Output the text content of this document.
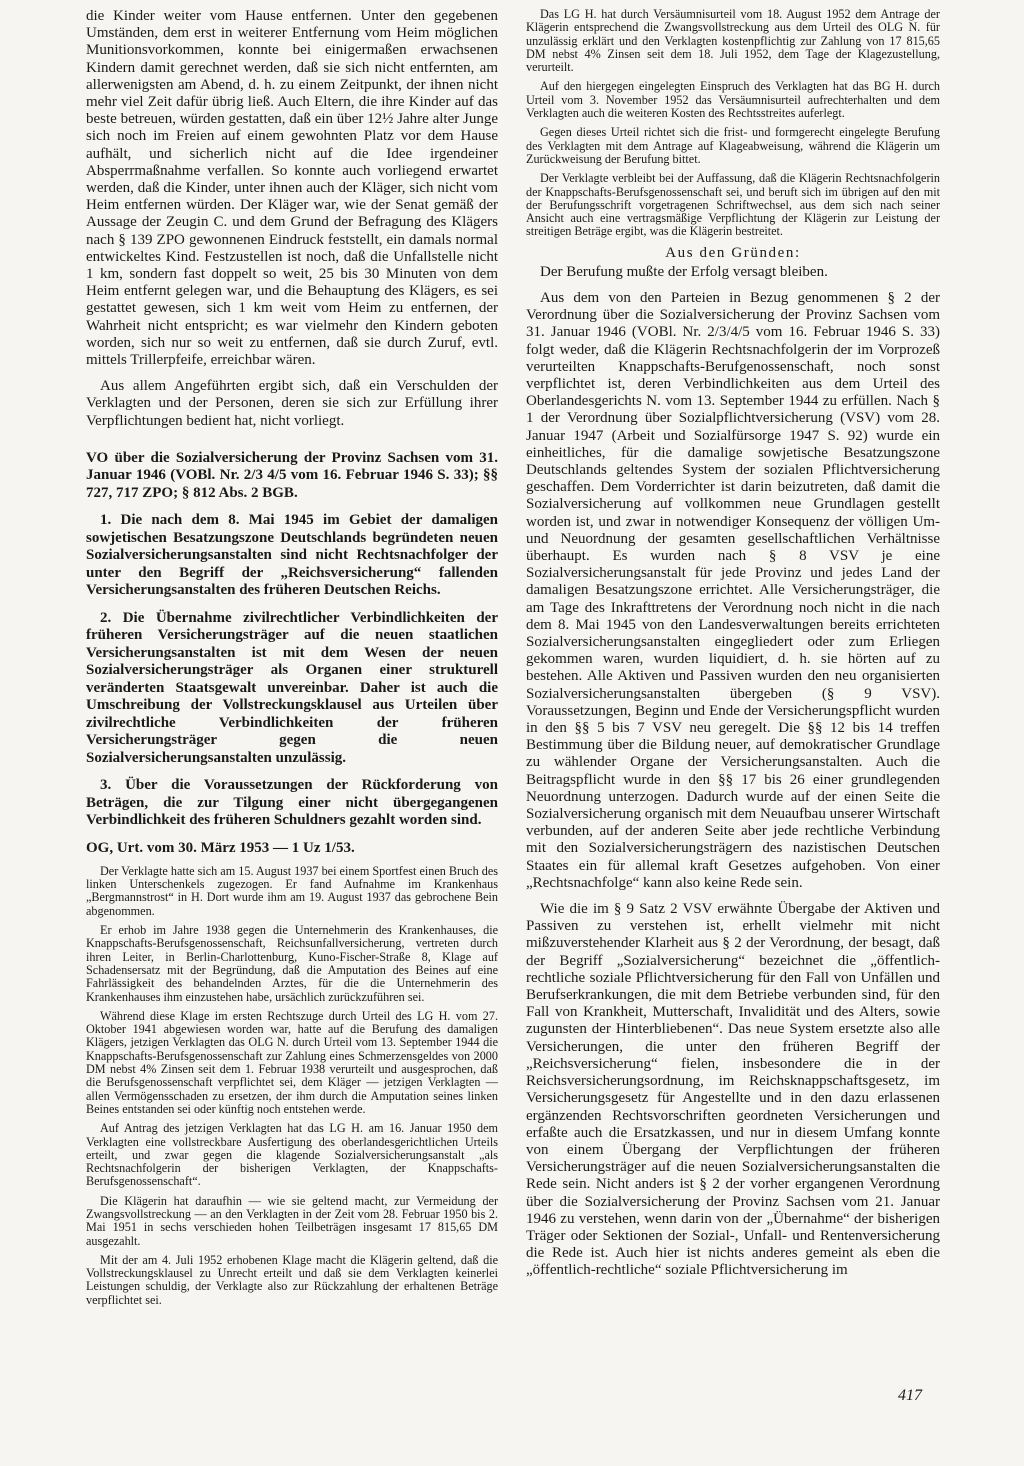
die Kinder weiter vom Hause entfernen. Unter den gegebenen Umständen, dem erst in weiterer Entfernung vom Heim möglichen Munitionsvorkommen, konnte bei einigermaßen erwachsenen Kindern damit gerechnet werden, daß sie sich nicht entfernten, am allerwenigsten am Abend, d. h. zu einem Zeitpunkt, der ihnen nicht mehr viel Zeit dafür übrig ließ. Auch Eltern, die ihre Kinder auf das beste betreuen, würden gestatten, daß ein über 12½ Jahre alter Junge sich noch im Freien auf einem gewohnten Platz vor dem Hause aufhält, und sicherlich nicht auf die Idee irgendeiner Absperrmaßnahme verfallen. So konnte auch vorliegend erwartet werden, daß die Kinder, unter ihnen auch der Kläger, sich nicht vom Heim entfernen würden. Der Kläger war, wie der Senat gemäß der Aussage der Zeugin C. und dem Grund der Befragung des Klägers nach § 139 ZPO gewonnenen Eindruck feststellt, ein damals normal entwickeltes Kind. Festzustellen ist noch, daß die Unfallstelle nicht 1 km, sondern fast doppelt so weit, 25 bis 30 Minuten von dem Heim entfernt gelegen war, und die Behauptung des Klägers, es sei gestattet gewesen, sich 1 km weit vom Heim zu entfernen, der Wahrheit nicht entspricht; es war vielmehr den Kindern geboten worden, sich nur so weit zu entfernen, daß sie durch Zuruf, evtl. mittels Trillerpfeife, erreichbar wären.

Aus allem Angeführten ergibt sich, daß ein Verschulden der Verklagten und der Personen, deren sie sich zur Erfüllung ihrer Verpflichtungen bedient hat, nicht vorliegt.

VO über die Sozialversicherung der Provinz Sachsen vom 31. Januar 1946 (VOBl. Nr. 2/3 4/5 vom 16. Februar 1946 S. 33); §§ 727, 717 ZPO; § 812 Abs. 2 BGB.

1. Die nach dem 8. Mai 1945 im Gebiet der damaligen sowjetischen Besatzungszone Deutschlands begründeten neuen Sozialversicherungsanstalten sind nicht Rechtsnachfolger der unter den Begriff der „Reichsversicherung“ fallenden Versicherungsanstalten des früheren Deutschen Reichs.

2. Die Übernahme zivilrechtlicher Verbindlichkeiten der früheren Versicherungsträger auf die neuen staatlichen Versicherungsanstalten ist mit dem Wesen der neuen Sozialversicherungsträger als Organen einer strukturell veränderten Staatsgewalt unvereinbar. Daher ist auch die Umschreibung der Vollstreckungsklausel aus Urteilen über zivilrechtliche Verbindlichkeiten der früheren Versicherungsträger gegen die neuen Sozialversicherungsanstalten unzulässig.

3. Über die Voraussetzungen der Rückforderung von Beträgen, die zur Tilgung einer nicht übergegangenen Verbindlichkeit des früheren Schuldners gezahlt worden sind.

OG, Urt. vom 30. März 1953 — 1 Uz 1/53.

Der Verklagte hatte sich am 15. August 1937 bei einem Sportfest einen Bruch des linken Unterschenkels zugezogen. Er fand Aufnahme im Krankenhaus „Bergmannstrost“ in H. Dort wurde ihm am 19. August 1937 das gebrochene Bein abgenommen.

Er erhob im Jahre 1938 gegen die Unternehmerin des Krankenhauses, die Knappschafts-Berufsgenossenschaft, Reichsunfallversicherung, vertreten durch ihren Leiter, in Berlin-Charlottenburg, Kuno-Fischer-Straße 8, Klage auf Schadensersatz mit der Begründung, daß die Amputation des Beines auf eine Fahrlässigkeit des behandelnden Arztes, für die die Unternehmerin des Krankenhauses ihm einzustehen habe, ursächlich zurückzuführen sei.

Während diese Klage im ersten Rechtszuge durch Urteil des LG H. vom 27. Oktober 1941 abgewiesen worden war, hatte auf die Berufung des damaligen Klägers, jetzigen Verklagten das OLG N. durch Urteil vom 13. September 1944 die Knappschafts-Berufsgenossenschaft zur Zahlung eines Schmerzensgeldes von 2000 DM nebst 4% Zinsen seit dem 1. Februar 1938 verurteilt und ausgesprochen, daß die Berufsgenossenschaft verpflichtet sei, dem Kläger — jetzigen Verklagten — allen Vermögensschaden zu ersetzen, der ihm durch die Amputation seines linken Beines entstanden sei oder künftig noch entstehen werde.

Auf Antrag des jetzigen Verklagten hat das LG H. am 16. Januar 1950 dem Verklagten eine vollstreckbare Ausfertigung des oberlandesgerichtlichen Urteils erteilt, und zwar gegen die klagende Sozialversicherungsanstalt „als Rechtsnachfolgerin der bisherigen Verklagten, der Knappschafts-Berufsgenossenschaft“.

Die Klägerin hat daraufhin — wie sie geltend macht, zur Vermeidung der Zwangsvollstreckung — an den Verklagten in der Zeit vom 28. Februar 1950 bis 2. Mai 1951 in sechs verschieden hohen Teilbeträgen insgesamt 17 815,65 DM ausgezahlt.

Mit der am 4. Juli 1952 erhobenen Klage macht die Klägerin geltend, daß die Vollstreckungsklausel zu Unrecht erteilt und daß sie dem Verklagten keinerlei Leistungen schuldig, der Verklagte also zur Rückzahlung der erhaltenen Beträge verpflichtet sei.

Das LG H. hat durch Versäumnisurteil vom 18. August 1952 dem Antrage der Klägerin entsprechend die Zwangsvollstreckung aus dem Urteil des OLG N. für unzulässig erklärt und den Verklagten kostenpflichtig zur Zahlung von 17 815,65 DM nebst 4% Zinsen seit dem 18. Juli 1952, dem Tage der Klagezustellung, verurteilt.

Auf den hiergegen eingelegten Einspruch des Verklagten hat das BG H. durch Urteil vom 3. November 1952 das Versäumnisurteil aufrechterhalten und dem Verklagten auch die weiteren Kosten des Rechtsstreites auferlegt.

Gegen dieses Urteil richtet sich die frist- und formgerecht eingelegte Berufung des Verklagten mit dem Antrage auf Klageabweisung, während die Klägerin um Zurückweisung der Berufung bittet.

Der Verklagte verbleibt bei der Auffassung, daß die Klägerin Rechtsnachfolgerin der Knappschafts-Berufsgenossenschaft sei, und beruft sich im übrigen auf den mit der Berufungsschrift vorgetragenen Schriftwechsel, aus dem sich nach seiner Ansicht auch eine vertragsmäßige Verpflichtung der Klägerin zur Leistung der streitigen Beträge ergibt, was die Klägerin bestreitet.

Aus den Gründen:

Der Berufung mußte der Erfolg versagt bleiben.

Aus dem von den Parteien in Bezug genommenen § 2 der Verordnung über die Sozialversicherung der Provinz Sachsen vom 31. Januar 1946 (VOBl. Nr. 2/3/4/5 vom 16. Februar 1946 S. 33) folgt weder, daß die Klägerin Rechtsnachfolgerin der im Vorprozeß verurteilten Knappschafts-Berufgenossenschaft, noch sonst verpflichtet ist, deren Verbindlichkeiten aus dem Urteil des Oberlandesgerichts N. vom 13. September 1944 zu erfüllen. Nach § 1 der Verordnung über Sozialpflichtversicherung (VSV) vom 28. Januar 1947 (Arbeit und Sozialfürsorge 1947 S. 92) wurde ein einheitliches, für die damalige sowjetische Besatzungszone Deutschlands geltendes System der sozialen Pflichtversicherung geschaffen. Dem Vorderrichter ist darin beizutreten, daß damit die Sozialversicherung auf vollkommen neue Grundlagen gestellt worden ist, und zwar in notwendiger Konsequenz der völligen Um- und Neuordnung der gesamten gesellschaftlichen Verhältnisse überhaupt. Es wurden nach § 8 VSV je eine Sozialversicherungsanstalt für jede Provinz und jedes Land der damaligen Besatzungszone errichtet. Alle Versicherungsträger, die am Tage des Inkrafttretens der Verordnung noch nicht in die nach dem 8. Mai 1945 von den Landesverwaltungen bereits errichteten Sozialversicherungsanstalten eingegliedert oder zum Erliegen gekommen waren, wurden liquidiert, d. h. sie hörten auf zu bestehen. Alle Aktiven und Passiven wurden den neu organisierten Sozialversicherungsanstalten übergeben (§ 9 VSV). Voraussetzungen, Beginn und Ende der Versicherungspflicht wurden in den §§ 5 bis 7 VSV neu geregelt. Die §§ 12 bis 14 treffen Bestimmung über die Bildung neuer, auf demokratischer Grundlage zu wählender Organe der Versicherungsanstalten. Auch die Beitragspflicht wurde in den §§ 17 bis 26 einer grundlegenden Neuordnung unterzogen. Dadurch wurde auf der einen Seite die Sozialversicherung organisch mit dem Neuaufbau unserer Wirtschaft verbunden, auf der anderen Seite aber jede rechtliche Verbindung mit den Sozialversicherungsträgern des nazistischen Deutschen Staates ein für allemal kraft Gesetzes aufgehoben. Von einer „Rechtsnachfolge“ kann also keine Rede sein.

Wie die im § 9 Satz 2 VSV erwähnte Übergabe der Aktiven und Passiven zu verstehen ist, erhellt vielmehr mit nicht mißzuverstehender Klarheit aus § 2 der Verordnung, der besagt, daß der Begriff „Sozialversicherung“ bezeichnet die „öffentlich-rechtliche soziale Pflichtversicherung für den Fall von Unfällen und Berufserkrankungen, die mit dem Betriebe verbunden sind, für den Fall von Krankheit, Mutterschaft, Invalidität und des Alters, sowie zugunsten der Hinterbliebenen“. Das neue System ersetzte also alle Versicherungen, die unter den früheren Begriff der „Reichsversicherung“ fielen, insbesondere die in der Reichsversicherungsordnung, im Reichsknappschaftsgesetz, im Versicherungsgesetz für Angestellte und in den dazu erlassenen ergänzenden Rechtsvorschriften geordneten Versicherungen und erfaßte auch die Ersatzkassen, und nur in diesem Umfang konnte von einem Übergang der Verpflichtungen der früheren Versicherungsträger auf die neuen Sozialversicherungsanstalten die Rede sein. Nicht anders ist § 2 der vorher ergangenen Verordnung über die Sozialversicherung der Provinz Sachsen vom 21. Januar 1946 zu verstehen, wenn darin von der „Übernahme“ der bisherigen Träger oder Sektionen der Sozial-, Unfall- und Rentenversicherung die Rede ist. Auch hier ist nichts anderes gemeint als eben die „öffentlich-rechtliche“ soziale Pflichtversicherung im

417
